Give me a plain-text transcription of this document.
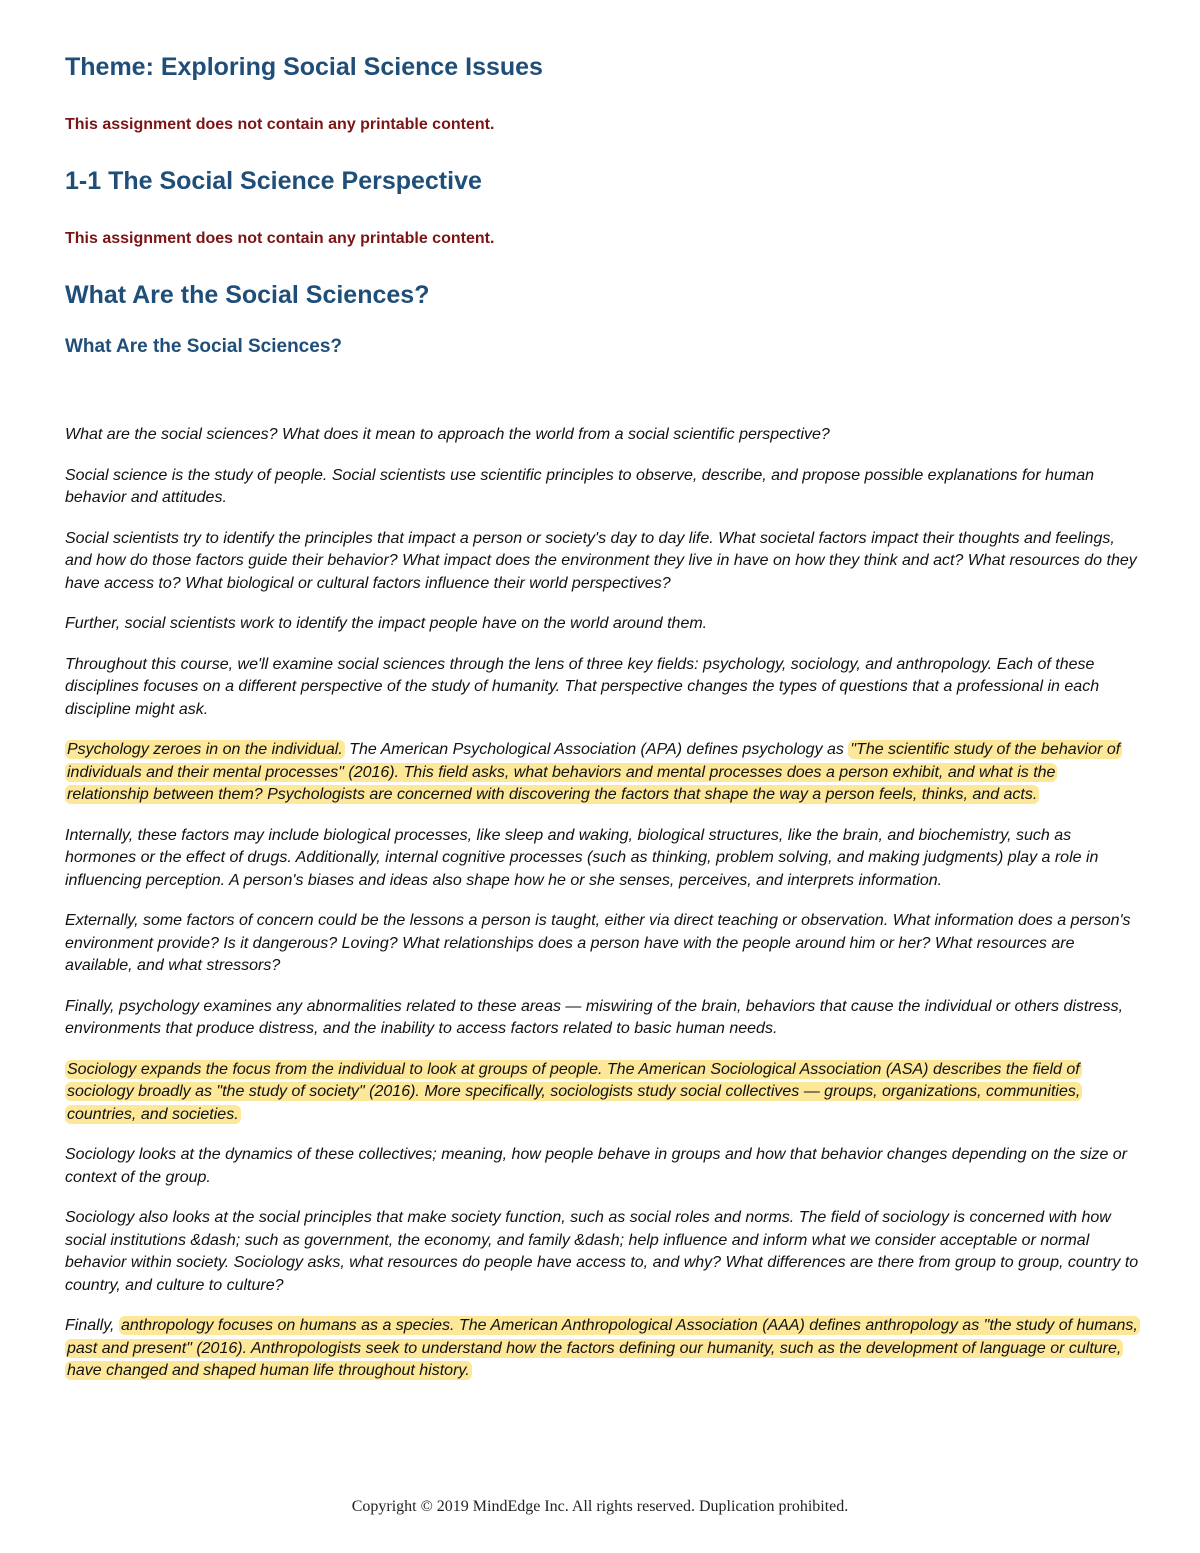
Theme: Exploring Social Science Issues

This assignment does not contain any printable content.

1-1 The Social Science Perspective

This assignment does not contain any printable content.

What Are the Social Sciences?
What Are the Social Sciences?

What are the social sciences? What does it mean to approach the world from a social scientific perspective?

Social science is the study of people. Social scientists use scientific principles to observe, describe, and propose possible explanations for human behavior and attitudes.

Social scientists try to identify the principles that impact a person or society's day to day life. What societal factors impact their thoughts and feelings, and how do those factors guide their behavior? What impact does the environment they live in have on how they think and act? What resources do they have access to? What biological or cultural factors influence their world perspectives?

Further, social scientists work to identify the impact people have on the world around them.

Throughout this course, we'll examine social sciences through the lens of three key fields: psychology, sociology, and anthropology. Each of these disciplines focuses on a different perspective of the study of humanity. That perspective changes the types of questions that a professional in each discipline might ask.

Psychology zeroes in on the individual. The American Psychological Association (APA) defines psychology as "The scientific study of the behavior of individuals and their mental processes" (2016). This field asks, what behaviors and mental processes does a person exhibit, and what is the relationship between them? Psychologists are concerned with discovering the factors that shape the way a person feels, thinks, and acts.

Internally, these factors may include biological processes, like sleep and waking, biological structures, like the brain, and biochemistry, such as hormones or the effect of drugs. Additionally, internal cognitive processes (such as thinking, problem solving, and making judgments) play a role in influencing perception. A person's biases and ideas also shape how he or she senses, perceives, and interprets information.

Externally, some factors of concern could be the lessons a person is taught, either via direct teaching or observation. What information does a person's environment provide? Is it dangerous? Loving? What relationships does a person have with the people around him or her? What resources are available, and what stressors?

Finally, psychology examines any abnormalities related to these areas — miswiring of the brain, behaviors that cause the individual or others distress, environments that produce distress, and the inability to access factors related to basic human needs.

Sociology expands the focus from the individual to look at groups of people. The American Sociological Association (ASA) describes the field of sociology broadly as "the study of society" (2016). More specifically, sociologists study social collectives — groups, organizations, communities, countries, and societies.

Sociology looks at the dynamics of these collectives; meaning, how people behave in groups and how that behavior changes depending on the size or context of the group.

Sociology also looks at the social principles that make society function, such as social roles and norms. The field of sociology is concerned with how social institutions &dash; such as government, the economy, and family &dash; help influence and inform what we consider acceptable or normal behavior within society. Sociology asks, what resources do people have access to, and why? What differences are there from group to group, country to country, and culture to culture?

Finally, anthropology focuses on humans as a species. The American Anthropological Association (AAA) defines anthropology as "the study of humans, past and present" (2016). Anthropologists seek to understand how the factors defining our humanity, such as the development of language or culture, have changed and shaped human life throughout history.

Copyright © 2019 MindEdge Inc. All rights reserved. Duplication prohibited.
